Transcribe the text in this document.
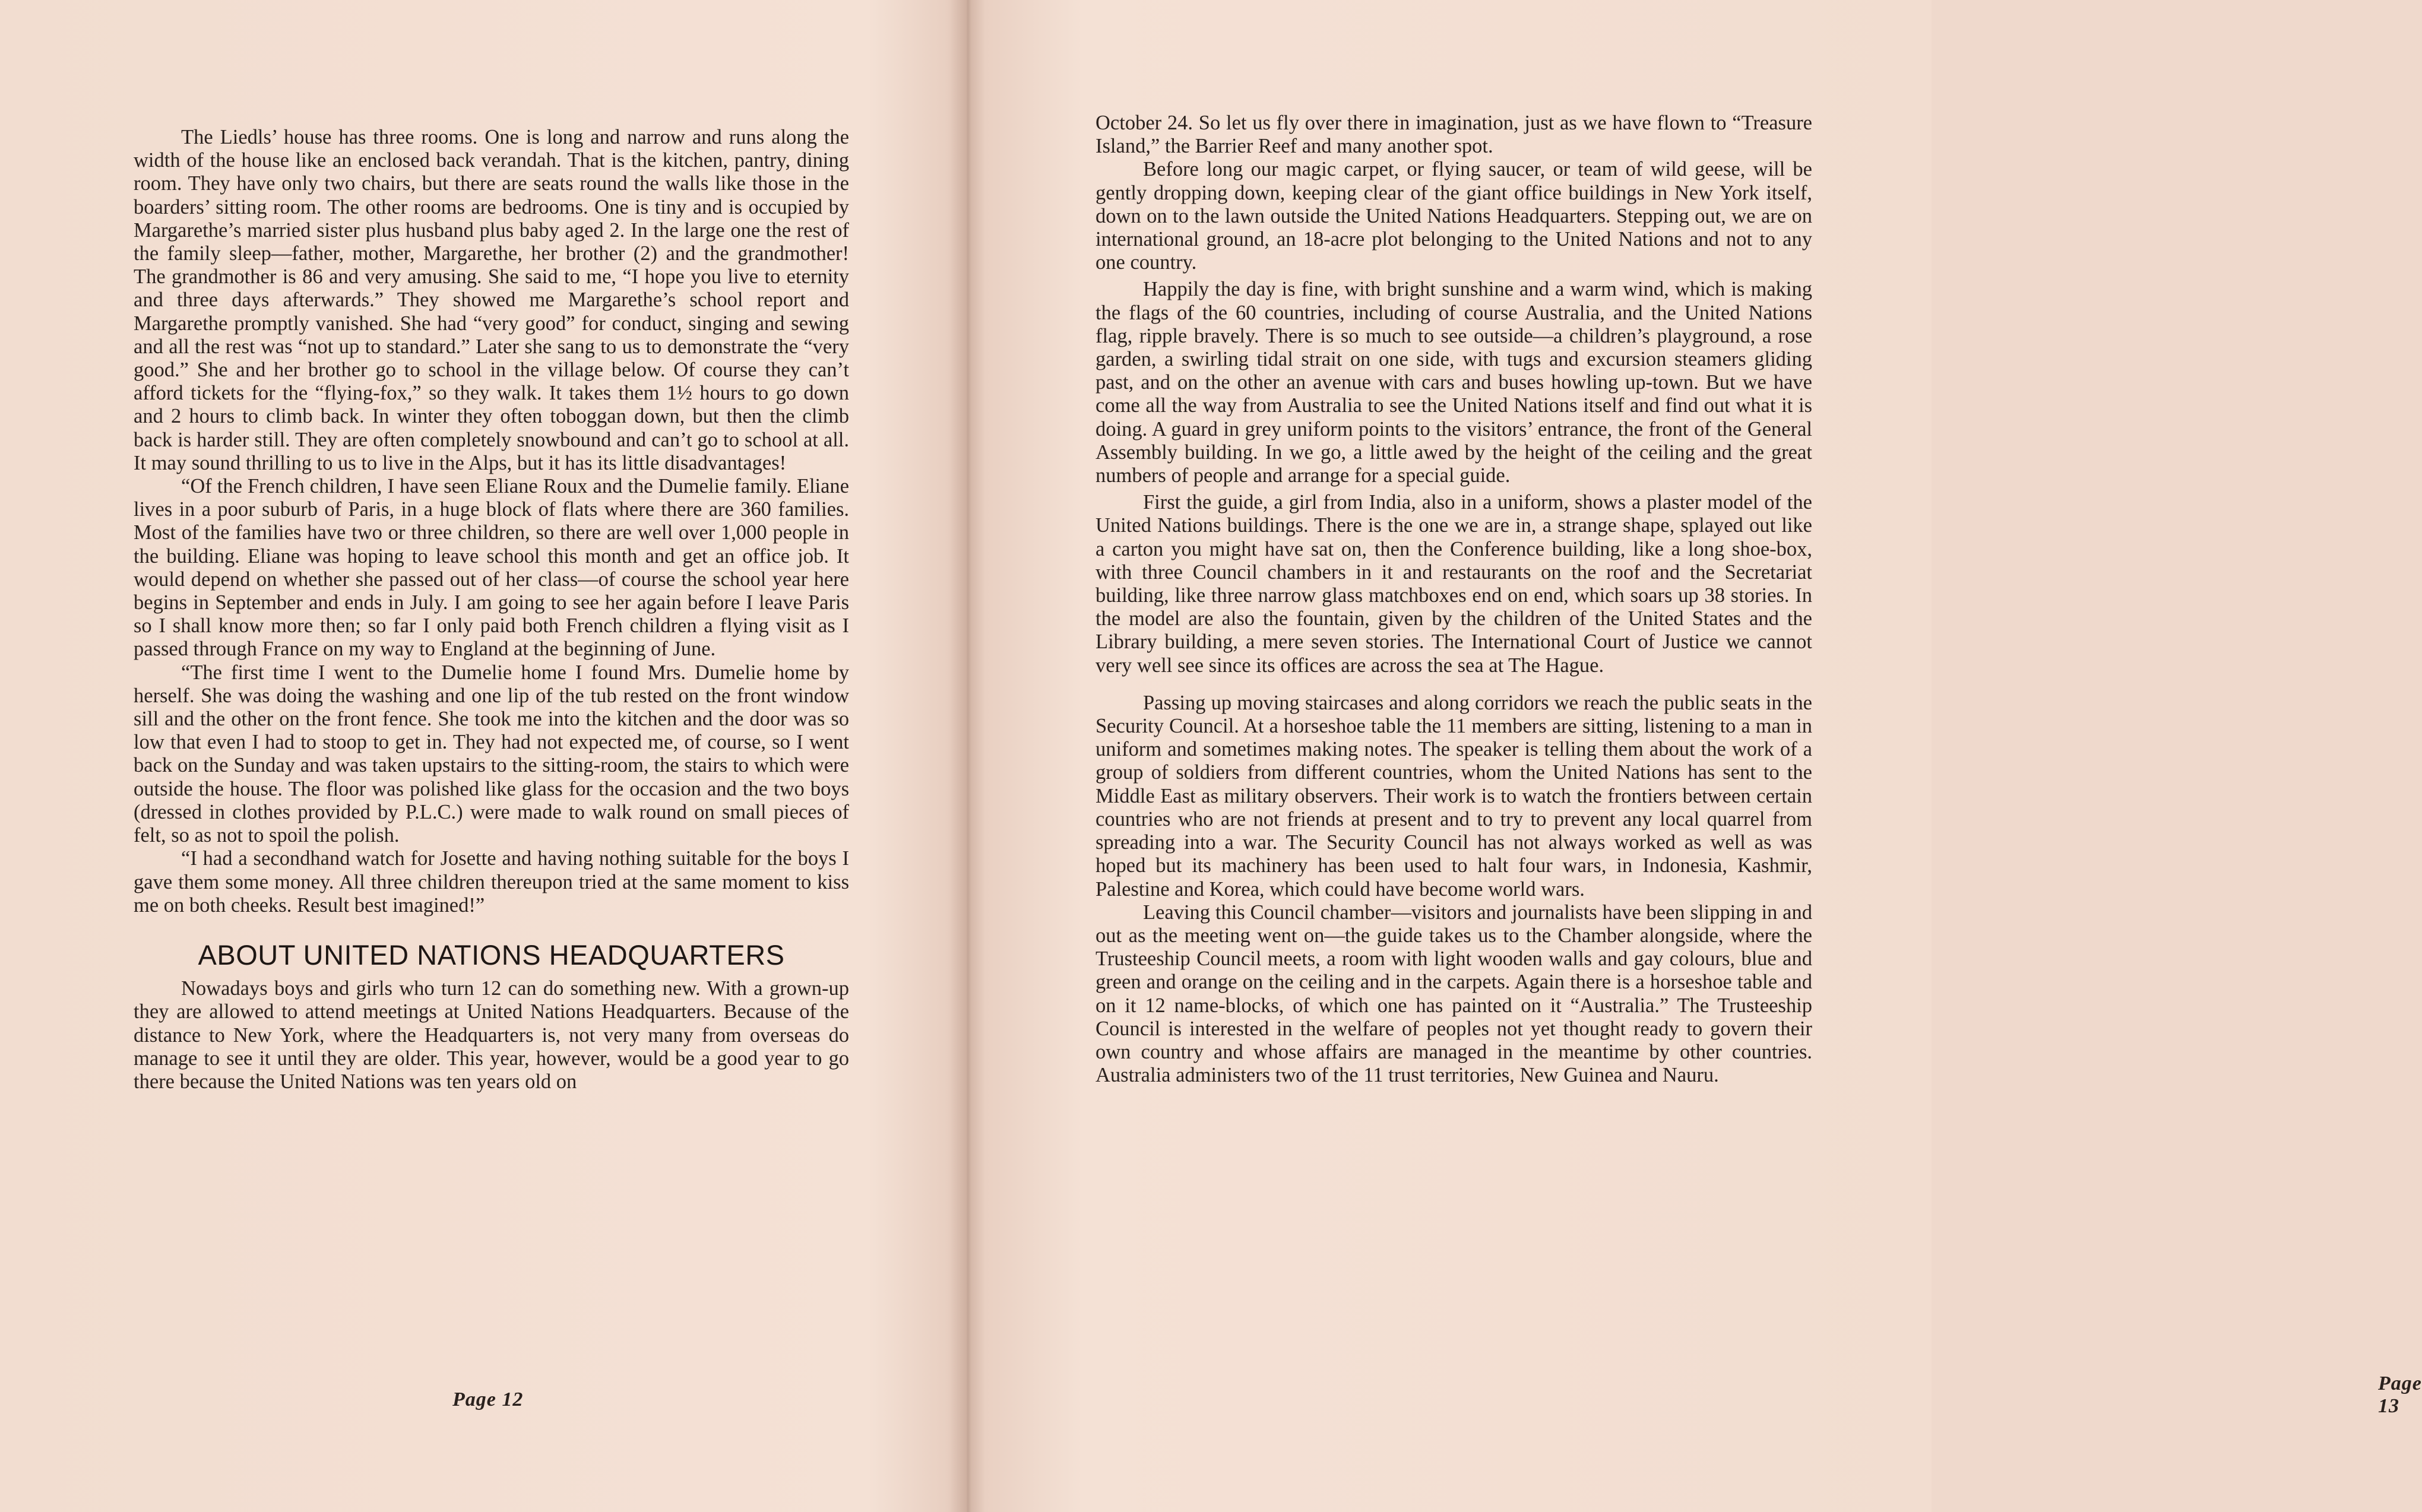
The Liedls’ house has three rooms. One is long and narrow and runs along the width of the house like an enclosed back verandah. That is the kitchen, pantry, dining room. They have only two chairs, but there are seats round the walls like those in the boarders’ sitting room. The other rooms are bedrooms. One is tiny and is occupied by Margarethe’s married sister plus husband plus baby aged 2. In the large one the rest of the family sleep—father, mother, Margarethe, her brother (2) and the grandmother! The grandmother is 86 and very amusing. She said to me, “I hope you live to eternity and three days afterwards.” They showed me Margarethe’s school report and Margarethe promptly vanished. She had “very good” for conduct, singing and sewing and all the rest was “not up to standard.” Later she sang to us to demonstrate the “very good.” She and her brother go to school in the village below. Of course they can’t afford tickets for the “flying-fox,” so they walk. It takes them 1½ hours to go down and 2 hours to climb back. In winter they often toboggan down, but then the climb back is harder still. They are often completely snowbound and can’t go to school at all. It may sound thrilling to us to live in the Alps, but it has its little disadvantages!

“Of the French children, I have seen Eliane Roux and the Dumelie family. Eliane lives in a poor suburb of Paris, in a huge block of flats where there are 360 families. Most of the families have two or three children, so there are well over 1,000 people in the building. Eliane was hoping to leave school this month and get an office job. It would depend on whether she passed out of her class—of course the school year here begins in September and ends in July. I am going to see her again before I leave Paris so I shall know more then; so far I only paid both French children a flying visit as I passed through France on my way to England at the beginning of June.

“The first time I went to the Dumelie home I found Mrs. Dumelie home by herself. She was doing the washing and one lip of the tub rested on the front window sill and the other on the front fence. She took me into the kitchen and the door was so low that even I had to stoop to get in. They had not expected me, of course, so I went back on the Sunday and was taken upstairs to the sitting-room, the stairs to which were outside the house. The floor was polished like glass for the occasion and the two boys (dressed in clothes provided by P.L.C.) were made to walk round on small pieces of felt, so as not to spoil the polish.

“I had a secondhand watch for Josette and having nothing suitable for the boys I gave them some money. All three children thereupon tried at the same moment to kiss me on both cheeks. Result best imagined!”

ABOUT UNITED NATIONS HEADQUARTERS

Nowadays boys and girls who turn 12 can do something new. With a grown-up they are allowed to attend meetings at United Nations Headquarters. Because of the distance to New York, where the Headquarters is, not very many from overseas do manage to see it until they are older. This year, however, would be a good year to go there because the United Nations was ten years old on

Page 12

October 24. So let us fly over there in imagination, just as we have flown to “Treasure Island,” the Barrier Reef and many another spot.

Before long our magic carpet, or flying saucer, or team of wild geese, will be gently dropping down, keeping clear of the giant office buildings in New York itself, down on to the lawn outside the United Nations Headquarters. Stepping out, we are on international ground, an 18-acre plot belonging to the United Nations and not to any one country.

Happily the day is fine, with bright sunshine and a warm wind, which is making the flags of the 60 countries, including of course Australia, and the United Nations flag, ripple bravely. There is so much to see outside—a children’s playground, a rose garden, a swirling tidal strait on one side, with tugs and excursion steamers gliding past, and on the other an avenue with cars and buses howling up-town. But we have come all the way from Australia to see the United Nations itself and find out what it is doing. A guard in grey uniform points to the visitors’ entrance, the front of the General Assembly building. In we go, a little awed by the height of the ceiling and the great numbers of people and arrange for a special guide.

First the guide, a girl from India, also in a uniform, shows a plaster model of the United Nations buildings. There is the one we are in, a strange shape, splayed out like a carton you might have sat on, then the Conference building, like a long shoe-box, with three Council chambers in it and restaurants on the roof and the Secretariat building, like three narrow glass matchboxes end on end, which soars up 38 stories. In the model are also the fountain, given by the children of the United States and the Library building, a mere seven stories. The International Court of Justice we cannot very well see since its offices are across the sea at The Hague.

Passing up moving staircases and along corridors we reach the public seats in the Security Council. At a horseshoe table the 11 members are sitting, listening to a man in uniform and sometimes making notes. The speaker is telling them about the work of a group of soldiers from different countries, whom the United Nations has sent to the Middle East as military observers. Their work is to watch the frontiers between certain countries who are not friends at present and to try to prevent any local quarrel from spreading into a war. The Security Council has not always worked as well as was hoped but its machinery has been used to halt four wars, in Indonesia, Kashmir, Palestine and Korea, which could have become world wars.

Leaving this Council chamber—visitors and journalists have been slipping in and out as the meeting went on—the guide takes us to the Chamber alongside, where the Trusteeship Council meets, a room with light wooden walls and gay colours, blue and green and orange on the ceiling and in the carpets. Again there is a horseshoe table and on it 12 name-blocks, of which one has painted on it “Australia.” The Trusteeship Council is interested in the welfare of peoples not yet thought ready to govern their own country and whose affairs are managed in the meantime by other countries. Australia administers two of the 11 trust territories, New Guinea and Nauru.

Page 13
